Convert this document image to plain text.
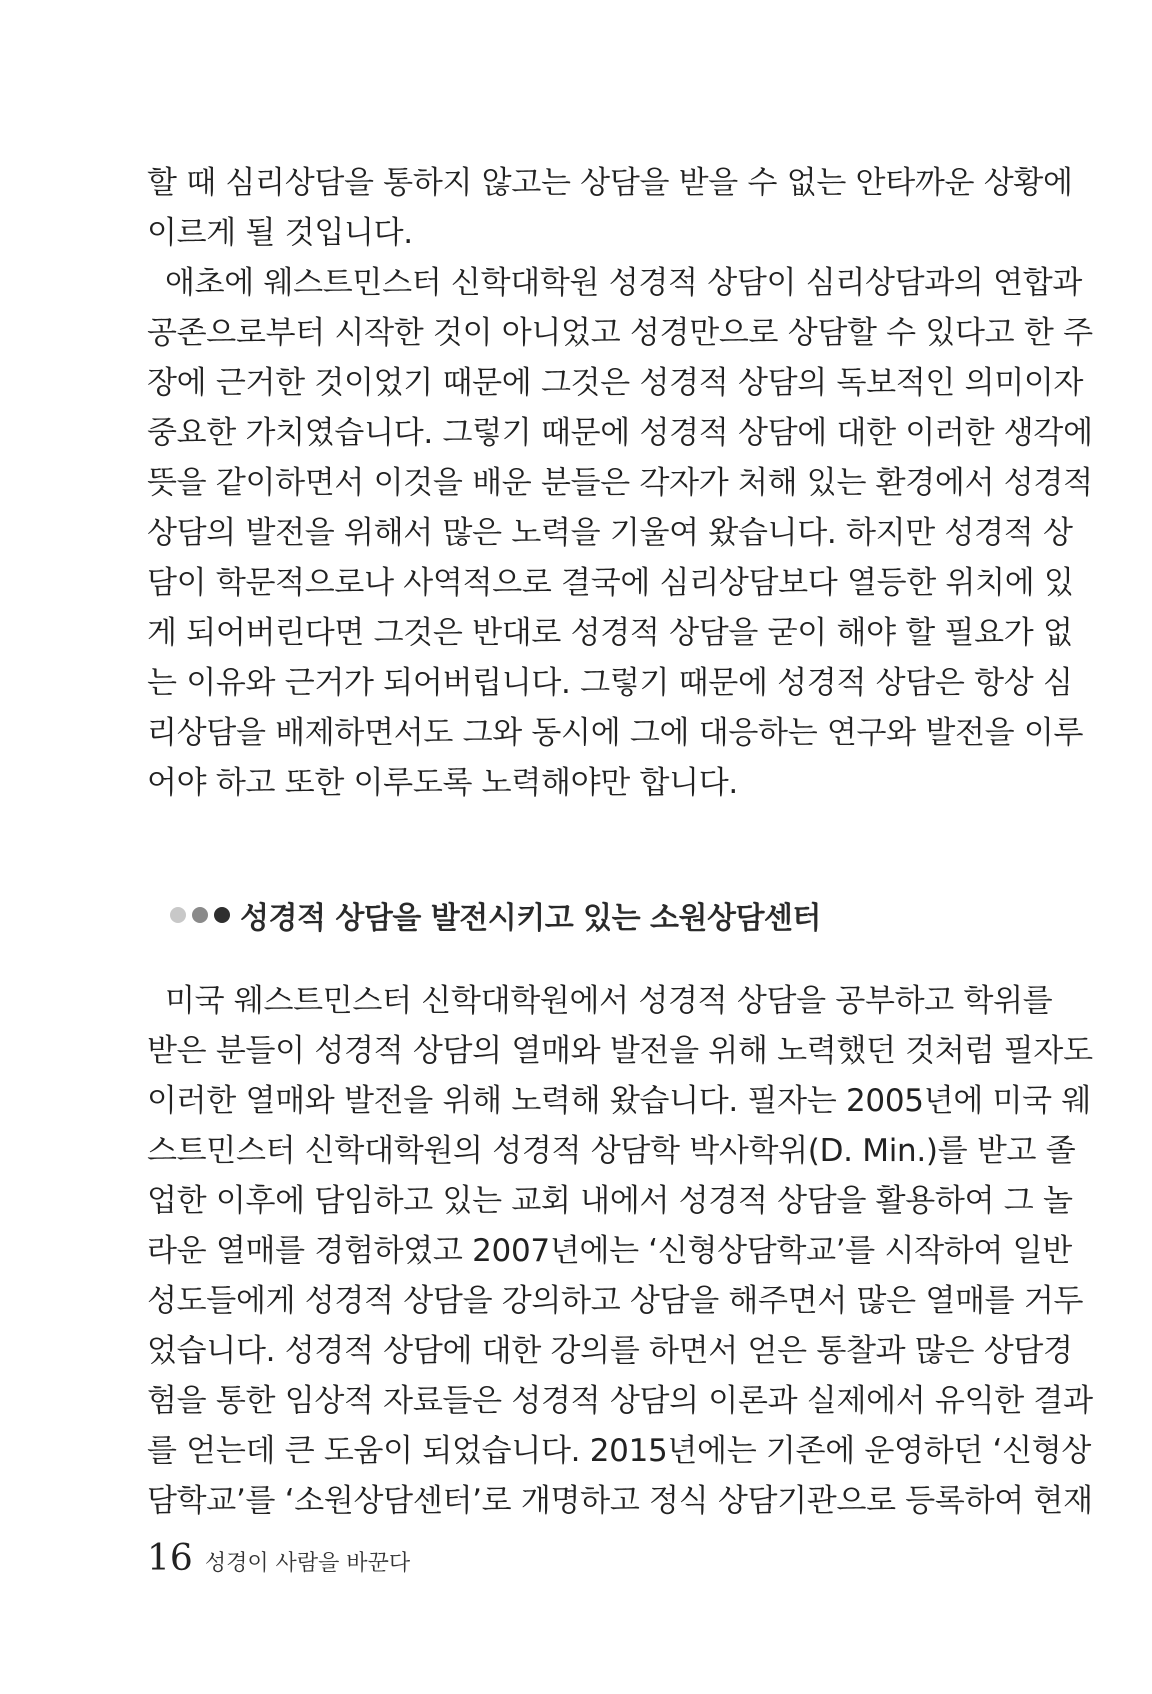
할 때 심리상담을 통하지 않고는 상담을 받을 수 없는 안타까운 상황에
이르게 될 것입니다.
애초에 웨스트민스터 신학대학원 성경적 상담이 심리상담과의 연합과
공존으로부터 시작한 것이 아니었고 성경만으로 상담할 수 있다고 한 주
장에 근거한 것이었기 때문에 그것은 성경적 상담의 독보적인 의미이자
중요한 가치였습니다. 그렇기 때문에 성경적 상담에 대한 이러한 생각에
뜻을 같이하면서 이것을 배운 분들은 각자가 처해 있는 환경에서 성경적
상담의 발전을 위해서 많은 노력을 기울여 왔습니다. 하지만 성경적 상
담이 학문적으로나 사역적으로 결국에 심리상담보다 열등한 위치에 있
게 되어버린다면 그것은 반대로 성경적 상담을 굳이 해야 할 필요가 없
는 이유와 근거가 되어버립니다. 그렇기 때문에 성경적 상담은 항상 심
리상담을 배제하면서도 그와 동시에 그에 대응하는 연구와 발전을 이루
어야 하고 또한 이루도록 노력해야만 합니다.
성경적 상담을 발전시키고 있는 소원상담센터
미국 웨스트민스터 신학대학원에서 성경적 상담을 공부하고 학위를
받은 분들이 성경적 상담의 열매와 발전을 위해 노력했던 것처럼 필자도
이러한 열매와 발전을 위해 노력해 왔습니다. 필자는 2005년에 미국 웨
스트민스터 신학대학원의 성경적 상담학 박사학위(D. Min.)를 받고 졸
업한 이후에 담임하고 있는 교회 내에서 성경적 상담을 활용하여 그 놀
라운 열매를 경험하였고 2007년에는 ‘신형상담학교’를 시작하여 일반
성도들에게 성경적 상담을 강의하고 상담을 해주면서 많은 열매를 거두
었습니다. 성경적 상담에 대한 강의를 하면서 얻은 통찰과 많은 상담경
험을 통한 임상적 자료들은 성경적 상담의 이론과 실제에서 유익한 결과
를 얻는데 큰 도움이 되었습니다. 2015년에는 기존에 운영하던 ‘신형상
담학교’를 ‘소원상담센터’로 개명하고 정식 상담기관으로 등록하여 현재
16 성경이 사람을 바꾼다
